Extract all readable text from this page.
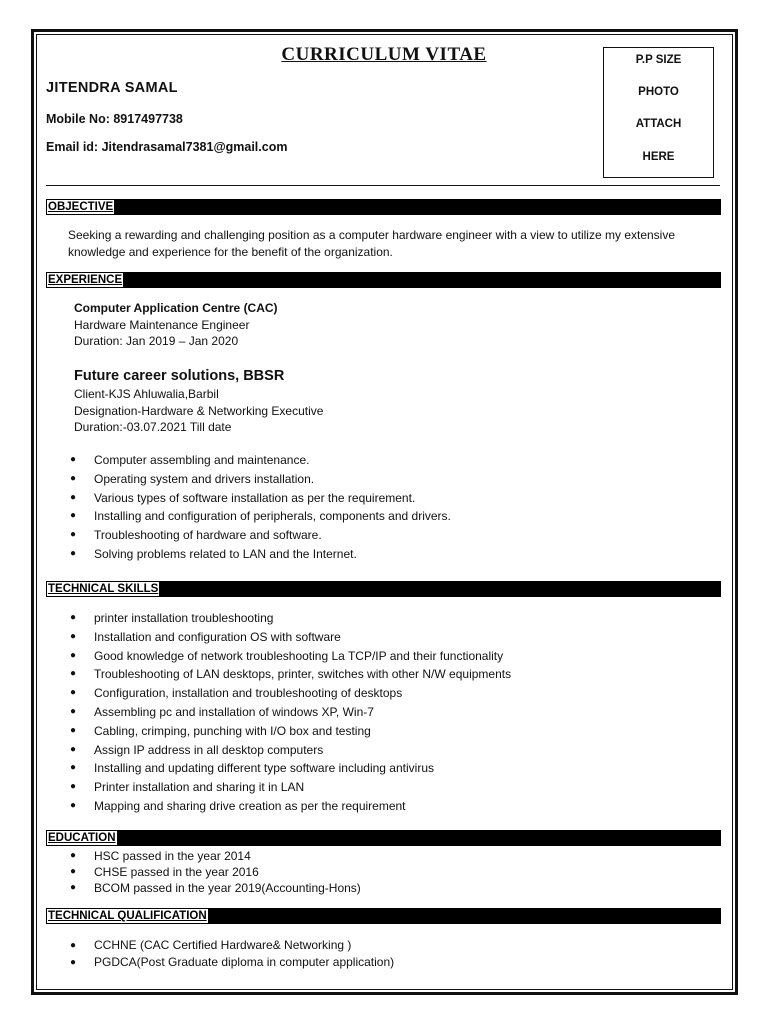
CURRICULUM VITAE
JITENDRA SAMAL
Mobile No: 8917497738
Email id: Jitendrasamal7381@gmail.com
P.P SIZE
PHOTO
ATTACH
HERE
OBJECTIVE
Seeking a rewarding and challenging position as a computer hardware engineer with a view to utilize my extensive knowledge and experience for the benefit of the organization.
EXPERIENCE
Computer Application Centre (CAC)
Hardware Maintenance Engineer
Duration: Jan 2019 – Jan 2020
Future career solutions, BBSR
Client-KJS Ahluwalia,Barbil
Designation-Hardware & Networking Executive
Duration:-03.07.2021 Till date
● Computer assembling and maintenance.
● Operating system and drivers installation.
● Various types of software installation as per the requirement.
● Installing and configuration of peripherals, components and drivers.
● Troubleshooting of hardware and software.
● Solving problems related to LAN and the Internet.
TECHNICAL SKILLS
● printer installation troubleshooting
● Installation and configuration OS with software
● Good knowledge of network troubleshooting La TCP/IP and their functionality
● Troubleshooting of LAN desktops, printer, switches with other N/W equipments
● Configuration, installation and troubleshooting of desktops
● Assembling pc and installation of windows XP, Win-7
● Cabling, crimping, punching with I/O box and testing
● Assign IP address in all desktop computers
● Installing and updating different type software including antivirus
● Printer installation and sharing it in LAN
● Mapping and sharing drive creation as per the requirement
EDUCATION
● HSC passed in the year 2014
● CHSE passed in the year 2016
● BCOM passed in the year 2019(Accounting-Hons)
TECHNICAL QUALIFICATION
● CCHNE (CAC Certified Hardware& Networking )
● PGDCA(Post Graduate diploma in computer application)
